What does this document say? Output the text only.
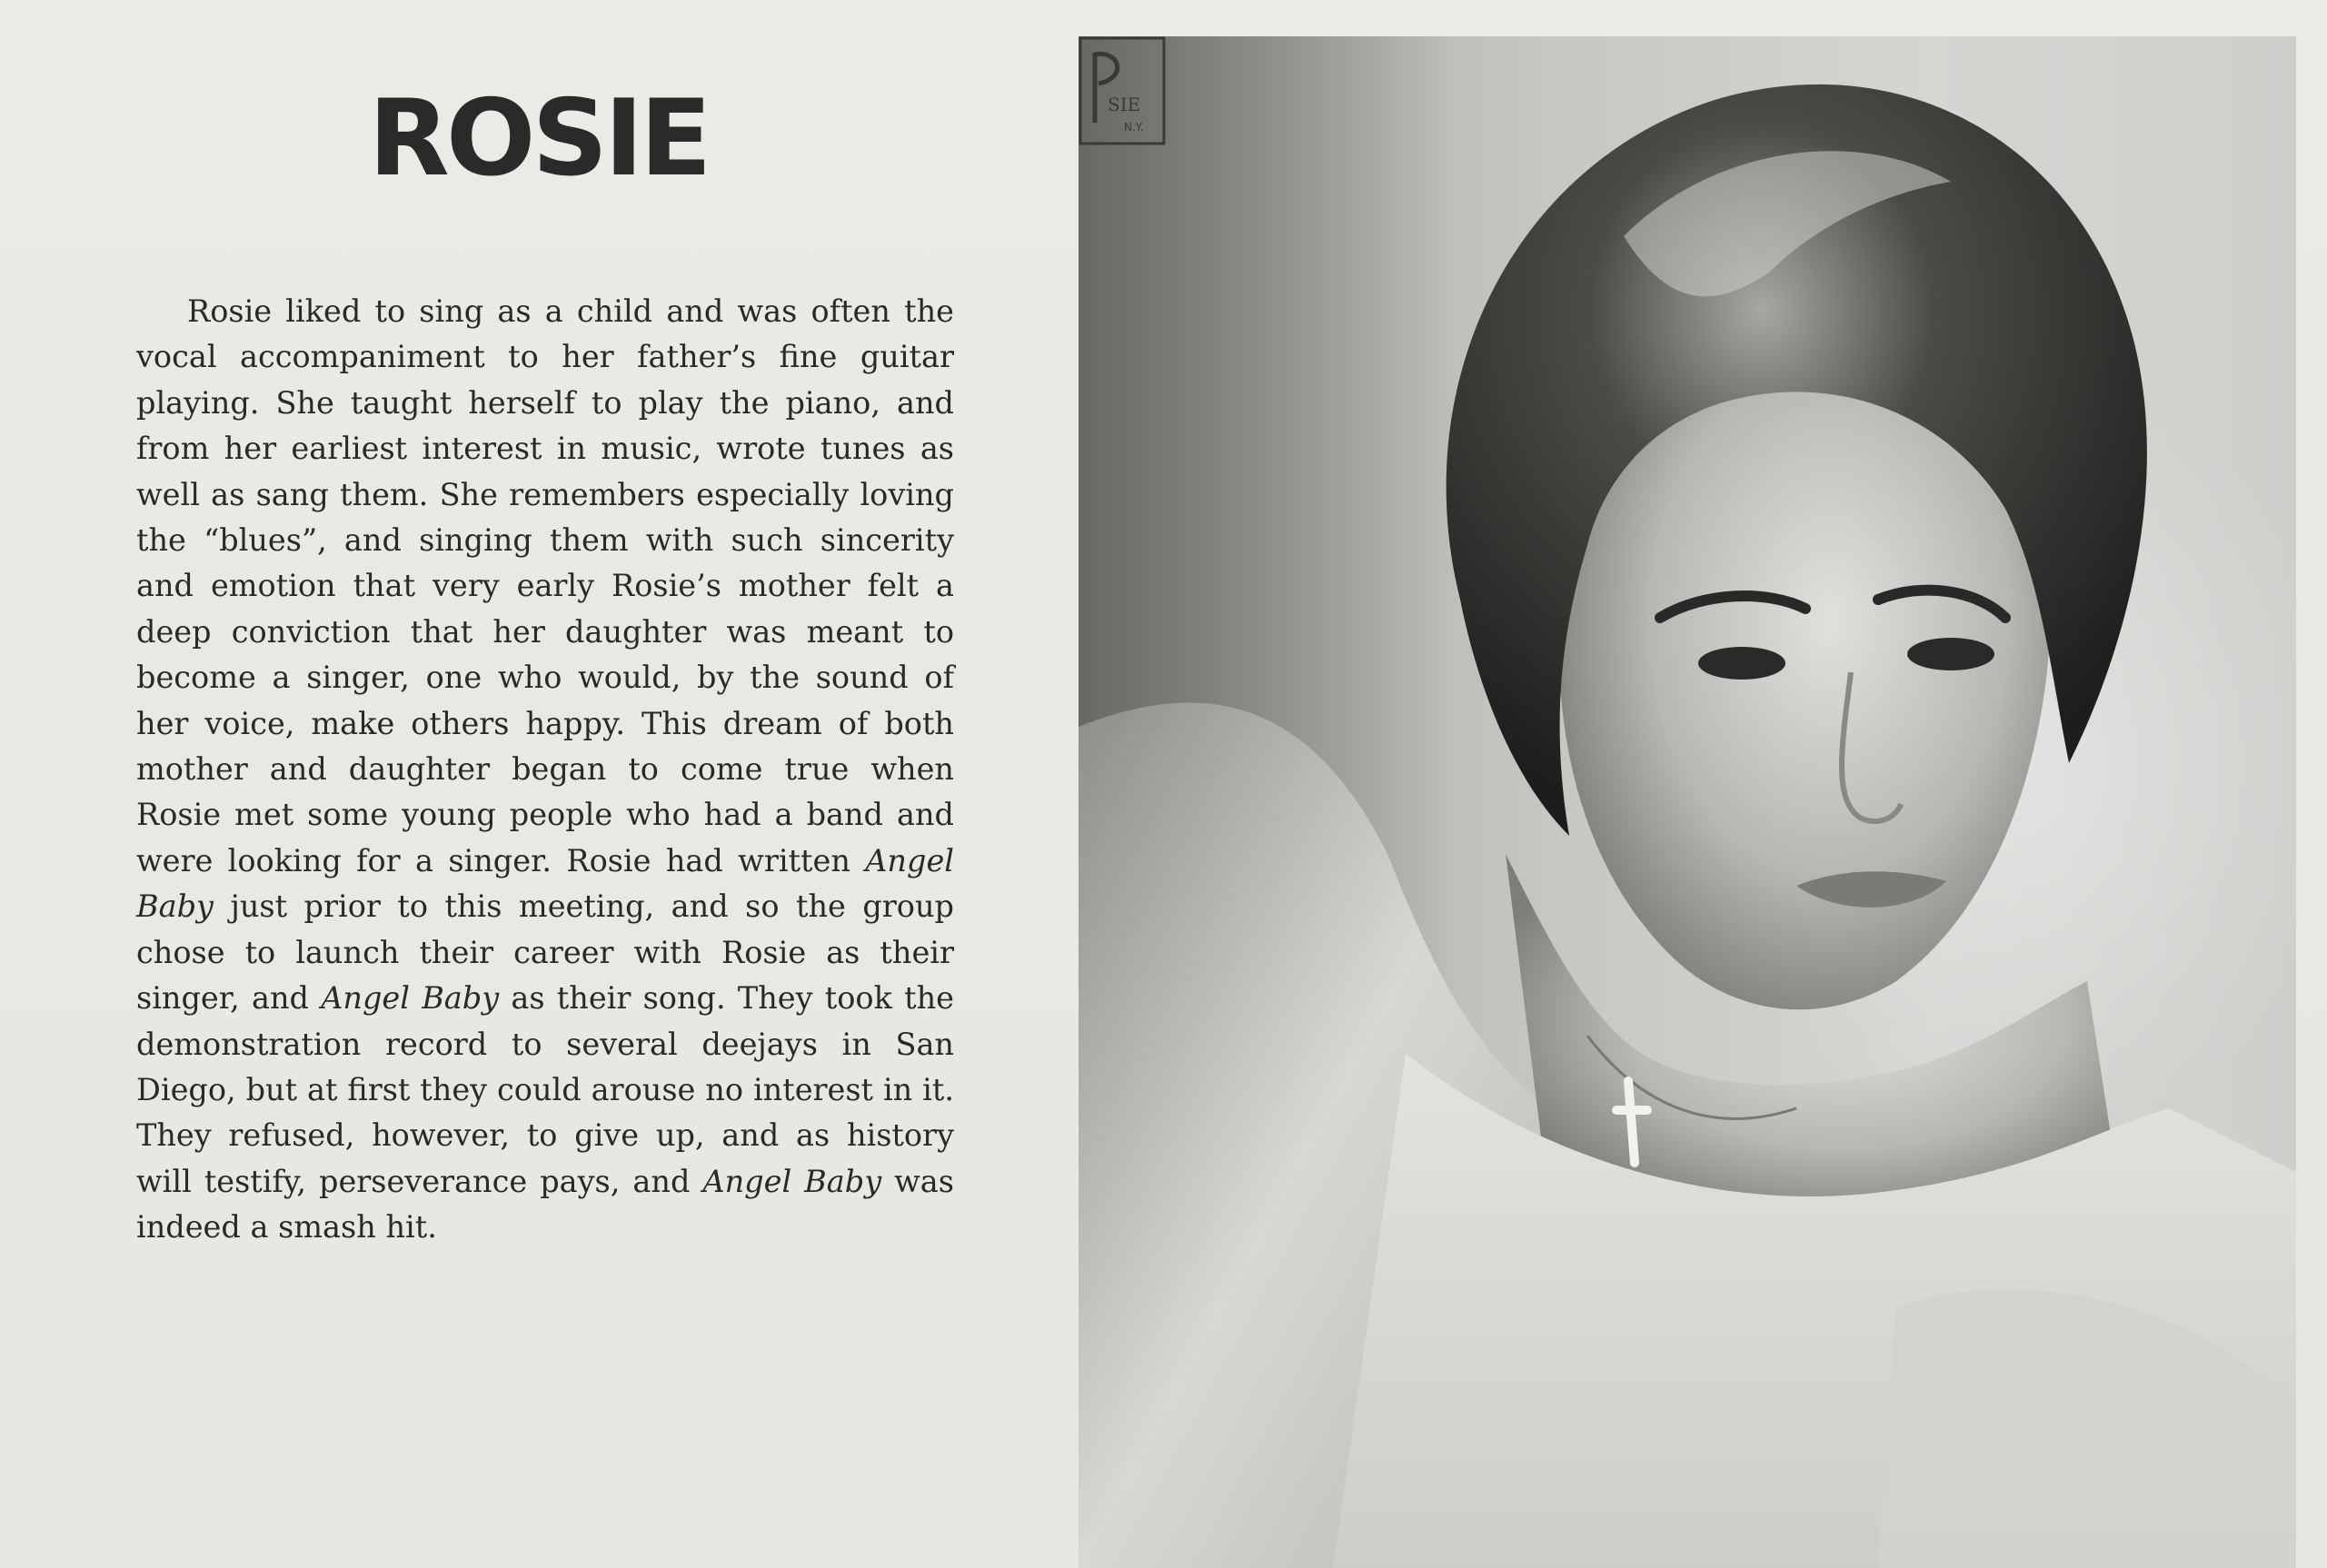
ROSIE

Rosie liked to sing as a child and was often the vocal accompaniment to her father’s fine guitar playing. She taught herself to play the piano, and from her earliest interest in music, wrote tunes as well as sang them. She remembers especially loving the “blues”, and singing them with such sincerity and emotion that very early Rosie’s mother felt a deep conviction that her daughter was meant to become a singer, one who would, by the sound of her voice, make others happy. This dream of both mother and daughter began to come true when Rosie met some young people who had a band and were looking for a singer. Rosie had written Angel Baby just prior to this meeting, and so the group chose to launch their career with Rosie as their singer, and Angel Baby as their song. They took the demonstration record to several deejays in San Diego, but at first they could arouse no interest in it. They refused, however, to give up, and as history will testify, perseverance pays, and Angel Baby was indeed a smash hit.

SIE
N.Y.
